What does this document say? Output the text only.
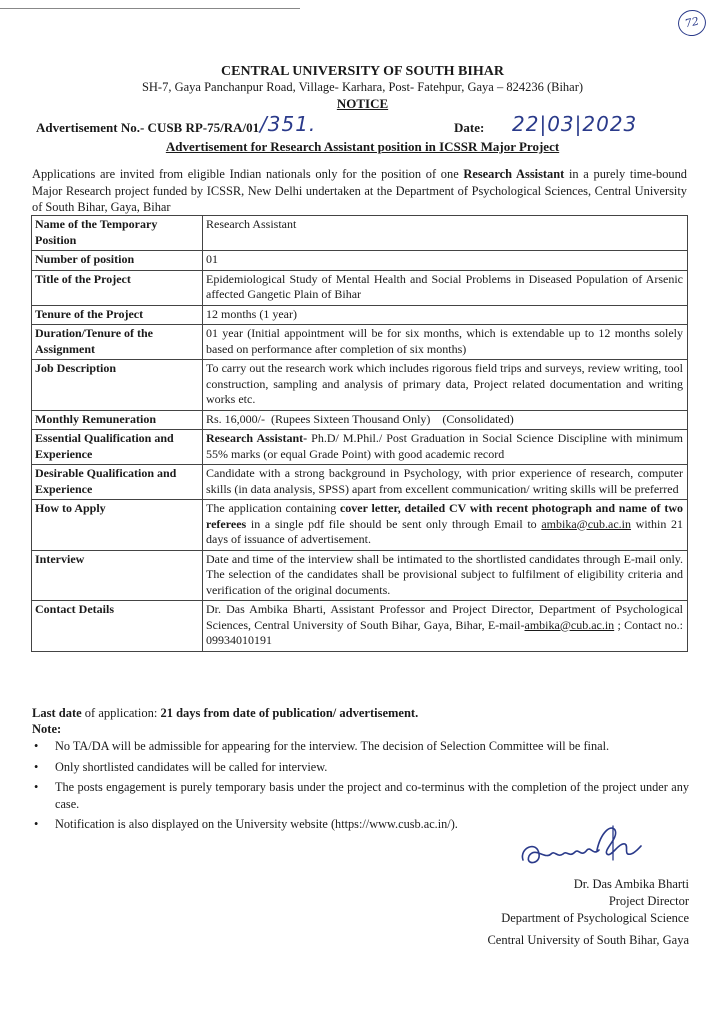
72
CENTRAL UNIVERSITY OF SOUTH BIHAR
SH-7, Gaya Panchanpur Road, Village- Karhara, Post- Fatehpur, Gaya – 824236 (Bihar)
NOTICE
Advertisement No.- CUSB RP-75/RA/01 /351.	Date: 22|03|2023
Advertisement for Research Assistant position in ICSSR Major Project
Applications are invited from eligible Indian nationals only for the position of one Research Assistant in a purely time-bound Major Research project funded by ICSSR, New Delhi undertaken at the Department of Psychological Sciences, Central University of South Bihar, Gaya, Bihar
Name of the Temporary Position	Research Assistant
Number of position	01
Title of the Project	Epidemiological Study of Mental Health and Social Problems in Diseased Population of Arsenic affected Gangetic Plain of Bihar
Tenure of the Project	12 months (1 year)
Duration/Tenure of the Assignment	01 year (Initial appointment will be for six months, which is extendable up to 12 months solely based on performance after completion of six months)
Job Description	To carry out the research work which includes rigorous field trips and surveys, review writing, tool construction, sampling and analysis of primary data, Project related documentation and writing works etc.
Monthly Remuneration	Rs. 16,000/-  (Rupees Sixteen Thousand Only)    (Consolidated)
Essential Qualification and Experience	Research Assistant- Ph.D/ M.Phil./ Post Graduation in Social Science Discipline with minimum 55% marks (or equal Grade Point) with good academic record
Desirable Qualification and Experience	Candidate with a strong background in Psychology, with prior experience of research, computer skills (in data analysis, SPSS) apart from excellent communication/ writing skills will be preferred
How to Apply	The application containing cover letter, detailed CV with recent photograph and name of two referees in a single pdf file should be sent only through Email to ambika@cub.ac.in within 21 days of issuance of advertisement.
Interview	Date and time of the interview shall be intimated to the shortlisted candidates through E-mail only. The selection of the candidates shall be provisional subject to fulfilment of eligibility criteria and verification of the original documents.
Contact Details	Dr. Das Ambika Bharti, Assistant Professor and Project Director, Department of Psychological Sciences, Central University of South Bihar, Gaya, Bihar, E-mail-ambika@cub.ac.in ; Contact no.: 09934010191
Last date of application: 21 days from date of publication/ advertisement.
Note:
• No TA/DA will be admissible for appearing for the interview. The decision of Selection Committee will be final.
• Only shortlisted candidates will be called for interview.
• The posts engagement is purely temporary basis under the project and co-terminus with the completion of the project under any case.
• Notification is also displayed on the University website (https://www.cusb.ac.in/).
Dr. Das Ambika Bharti
Project Director
Department of Psychological Science
Central University of South Bihar, Gaya
